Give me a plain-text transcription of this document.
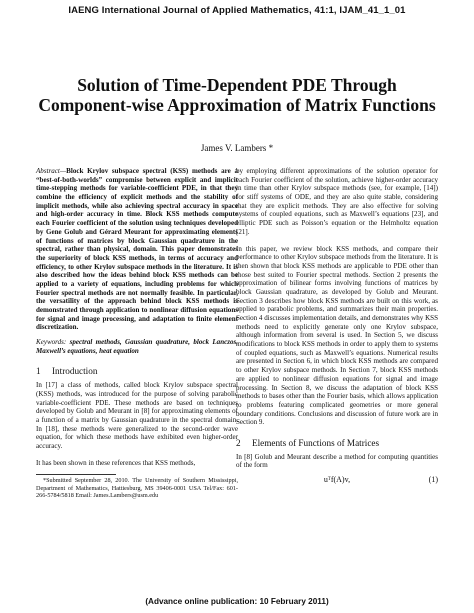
IAENG International Journal of Applied Mathematics, 41:1, IJAM_41_1_01
Solution of Time-Dependent PDE Through Component-wise Approximation of Matrix Functions
James V. Lambers *

Abstract—Block Krylov subspace spectral (KSS) methods are a “best-of-both-worlds” compromise between explicit and implicit time-stepping methods for variable-coefficient PDE, in that they combine the efficiency of explicit methods and the stability of implicit methods, while also achieving spectral accuracy in space and high-order accuracy in time. Block KSS methods compute each Fourier coefficient of the solution using techniques developed by Gene Golub and Gérard Meurant for approximating elements of functions of matrices by block Gaussian quadrature in the spectral, rather than physical, domain. This paper demonstrates the superiority of block KSS methods, in terms of accuracy and efficiency, to other Krylov subspace methods in the literature. It is also described how the ideas behind block KSS methods can be applied to a variety of equations, including problems for which Fourier spectral methods are not normally feasible. In particular, the versatility of the approach behind block KSS methods is demonstrated through application to nonlinear diffusion equations for signal and image processing, and adaptation to finite element discretization.

Keywords: spectral methods, Gaussian quadrature, block Lanczos, Maxwell’s equations, heat equation

1 Introduction

In [17] a class of methods, called block Krylov subspace spectral (KSS) methods, was introduced for the purpose of solving parabolic variable-coefficient PDE. These methods are based on techniques developed by Golub and Meurant in [8] for approximating elements of a function of a matrix by Gaussian quadrature in the spectral domain. In [18], these methods were generalized to the second-order wave equation, for which these methods have exhibited even higher-order accuracy.

It has been shown in these references that KSS methods,

*Submitted September 28, 2010. The University of Southern Mississippi, Department of Mathematics, Hattiesburg, MS 39406-0001 USA Tel/Fax: 601-266-5784/5818 Email: James.Lambers@usm.edu

by employing different approximations of the solution operator for each Fourier coefficient of the solution, achieve higher-order accuracy in time than other Krylov subspace methods (see, for example, [14]) for stiff systems of ODE, and they are also quite stable, considering that they are explicit methods. They are also effective for solving systems of coupled equations, such as Maxwell’s equations [23], and elliptic PDE such as Poisson’s equation or the Helmholtz equation [21].

In this paper, we review block KSS methods, and compare their performance to other Krylov subspace methods from the literature. It is then shown that block KSS methods are applicable to PDE other than those best suited to Fourier spectral methods. Section 2 presents the approximation of bilinear forms involving functions of matrices by block Gaussian quadrature, as developed by Golub and Meurant. Section 3 describes how block KSS methods are built on this work, as applied to parabolic problems, and summarizes their main properties. Section 4 discusses implementation details, and demonstrates why KSS methods need to explicitly generate only one Krylov subspace, although information from several is used. In Section 5, we discuss modifications to block KSS methods in order to apply them to systems of coupled equations, such as Maxwell’s equations. Numerical results are presented in Section 6, in which block KSS methods are compared to other Krylov subspace methods. In Section 7, block KSS methods are applied to nonlinear diffusion equations for signal and image processing. In Section 8, we discuss the adaptation of block KSS methods to bases other than the Fourier basis, which allows application to problems featuring complicated geometries or more general boundary conditions. Conclusions and discussion of future work are in Section 9.

2 Elements of Functions of Matrices

In [8] Golub and Meurant describe a method for computing quantities of the form

uᵀf(A)v,	(1)
(Advance online publication: 10 February 2011)
